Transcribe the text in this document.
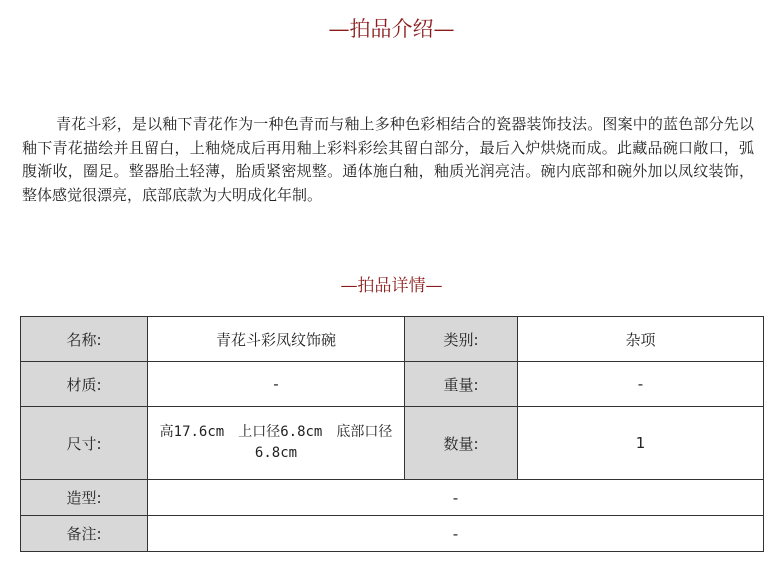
—拍品介绍—

青花斗彩，是以釉下青花作为一种色青而与釉上多种色彩相结合的瓷器装饰技法。图案中的蓝色部分先以釉下青花描绘并且留白，上釉烧成后再用釉上彩料彩绘其留白部分，最后入炉烘烧而成。此藏品碗口敞口，弧腹渐收，圈足。整器胎土轻薄，胎质紧密规整。通体施白釉，釉质光润亮洁。碗内底部和碗外加以凤纹装饰，整体感觉很漂亮，底部底款为大明成化年制。

—拍品详情—
名称:	青花斗彩凤纹饰碗	类别:	杂项
材质:	-	重量:	-
尺寸:	高17.6cm　上口径6.8cm　底部口径6.8cm	数量:	1
造型:	-		
备注:	-		
